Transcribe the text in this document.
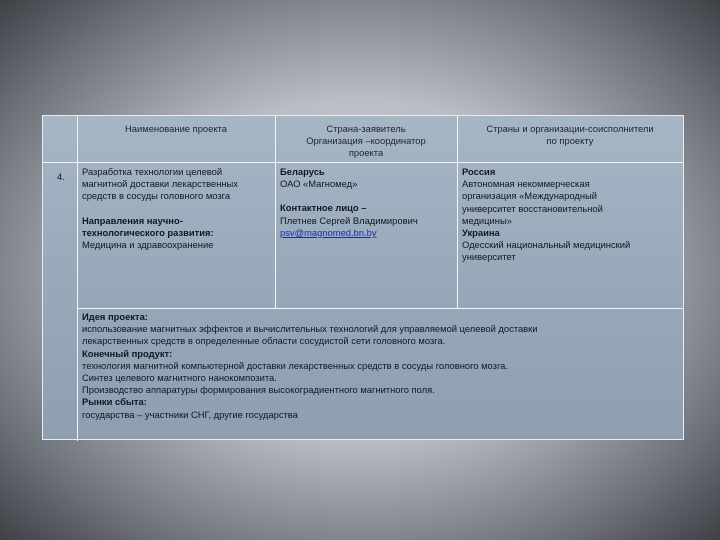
Наименование проекта	Страна-заявитель
Организация –координатор
проекта
Страны и организации-соисполнители
по проекту
4. Разработка технологии целевой
магнитной доставки лекарственных
средств в сосуды головного мозга
Направления научно-
технологического развития:
Медицина и здравоохранение
Беларусь
ОАО «Магномед»
Контактное лицо –
Плетнев Сергей Владимирович
psv@magnomed.bn.by
Россия
Автономная некоммерческая
организация «Международный
университет восстановительной
медицины»
Украина
Одесский национальный медицинский
университет
Идея проекта:
использование магнитных эффектов и вычислительных технологий для управляемой целевой доставки
лекарственных средств в определенные области сосудистой сети головного мозга.
Конечный продукт:
технология магнитной компьютерной доставки лекарственных средств в сосуды головного мозга.
Синтез целевого магнитного нанокомпозита.
Производство аппаратуры формирования высокоградиентного магнитного поля.
Рынки сбыта:
государства – участники СНГ, другие государства
